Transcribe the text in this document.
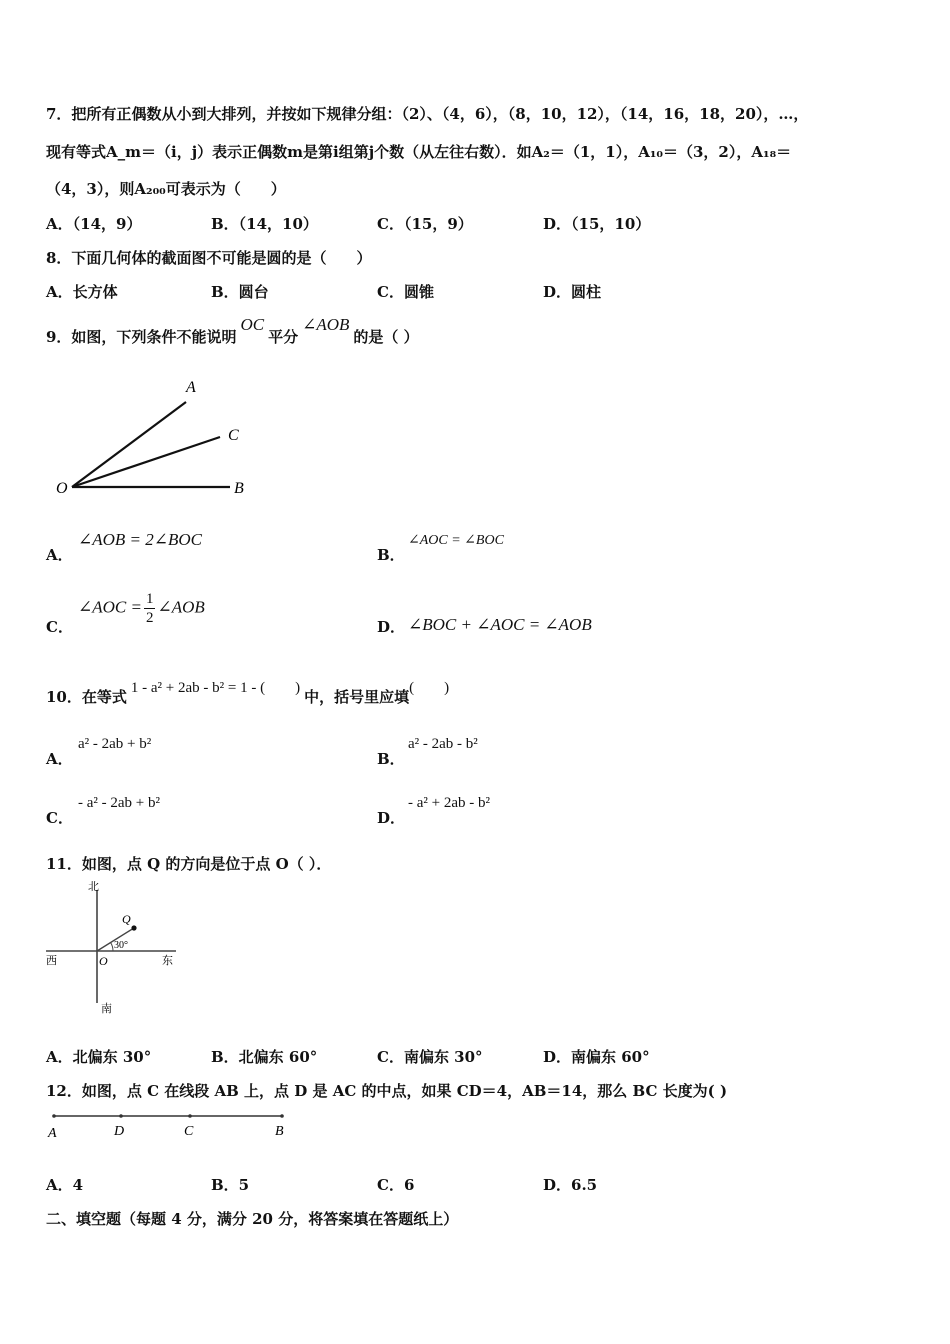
7．把所有正偶数从小到大排列，并按如下规律分组：（2）、（4，6），（8，10，12），（14，16，18，20），…，
现有等式A_m＝（i，j）表示正偶数m是第i组第j个数（从左往右数）．如A₂＝（1，1），A₁₀＝（3，2），A₁₈＝
（4，3），则A₂₀₀可表示为（　　）
A．（14，9）	B．（14，10）	C．（15，9）	D．（15，10）
8．下面几何体的截面图不可能是圆的是（　　）
A．长方体	B．圆台	C．圆锥	D．圆柱
9．如图，下列条件不能说明OC平分∠AOB的是（ ）
A
C
O	B
A．
∠AOB = 2∠BOC
B．
∠AOC = ∠BOC
C．
∠AOC = $\frac{1}{2}$ ∠AOB
D． ∠BOC + ∠AOC = ∠AOB
10．在等式 1 - a² + 2ab - b² = 1 - (　　) 中，括号里应填(　　)
A．
a² - 2ab + b²
B．
a² - 2ab - b²
C．
- a² - 2ab + b²
D．
- a² + 2ab - b²
11．如图，点 Q 的方向是位于点 O（ ）．
北
南
西	东
O
Q
30°
A．北偏东 30°	B．北偏东 60°	C．南偏东 30°	D．南偏东 60°
12．如图，点 C 在线段 AB 上，点 D 是 AC 的中点，如果 CD＝4，AB＝14，那么 BC 长度为( )
A	D	C	B
A．4	B．5	C．6	D．6.5
二、填空题（每题 4 分，满分 20 分，将答案填在答题纸上）
